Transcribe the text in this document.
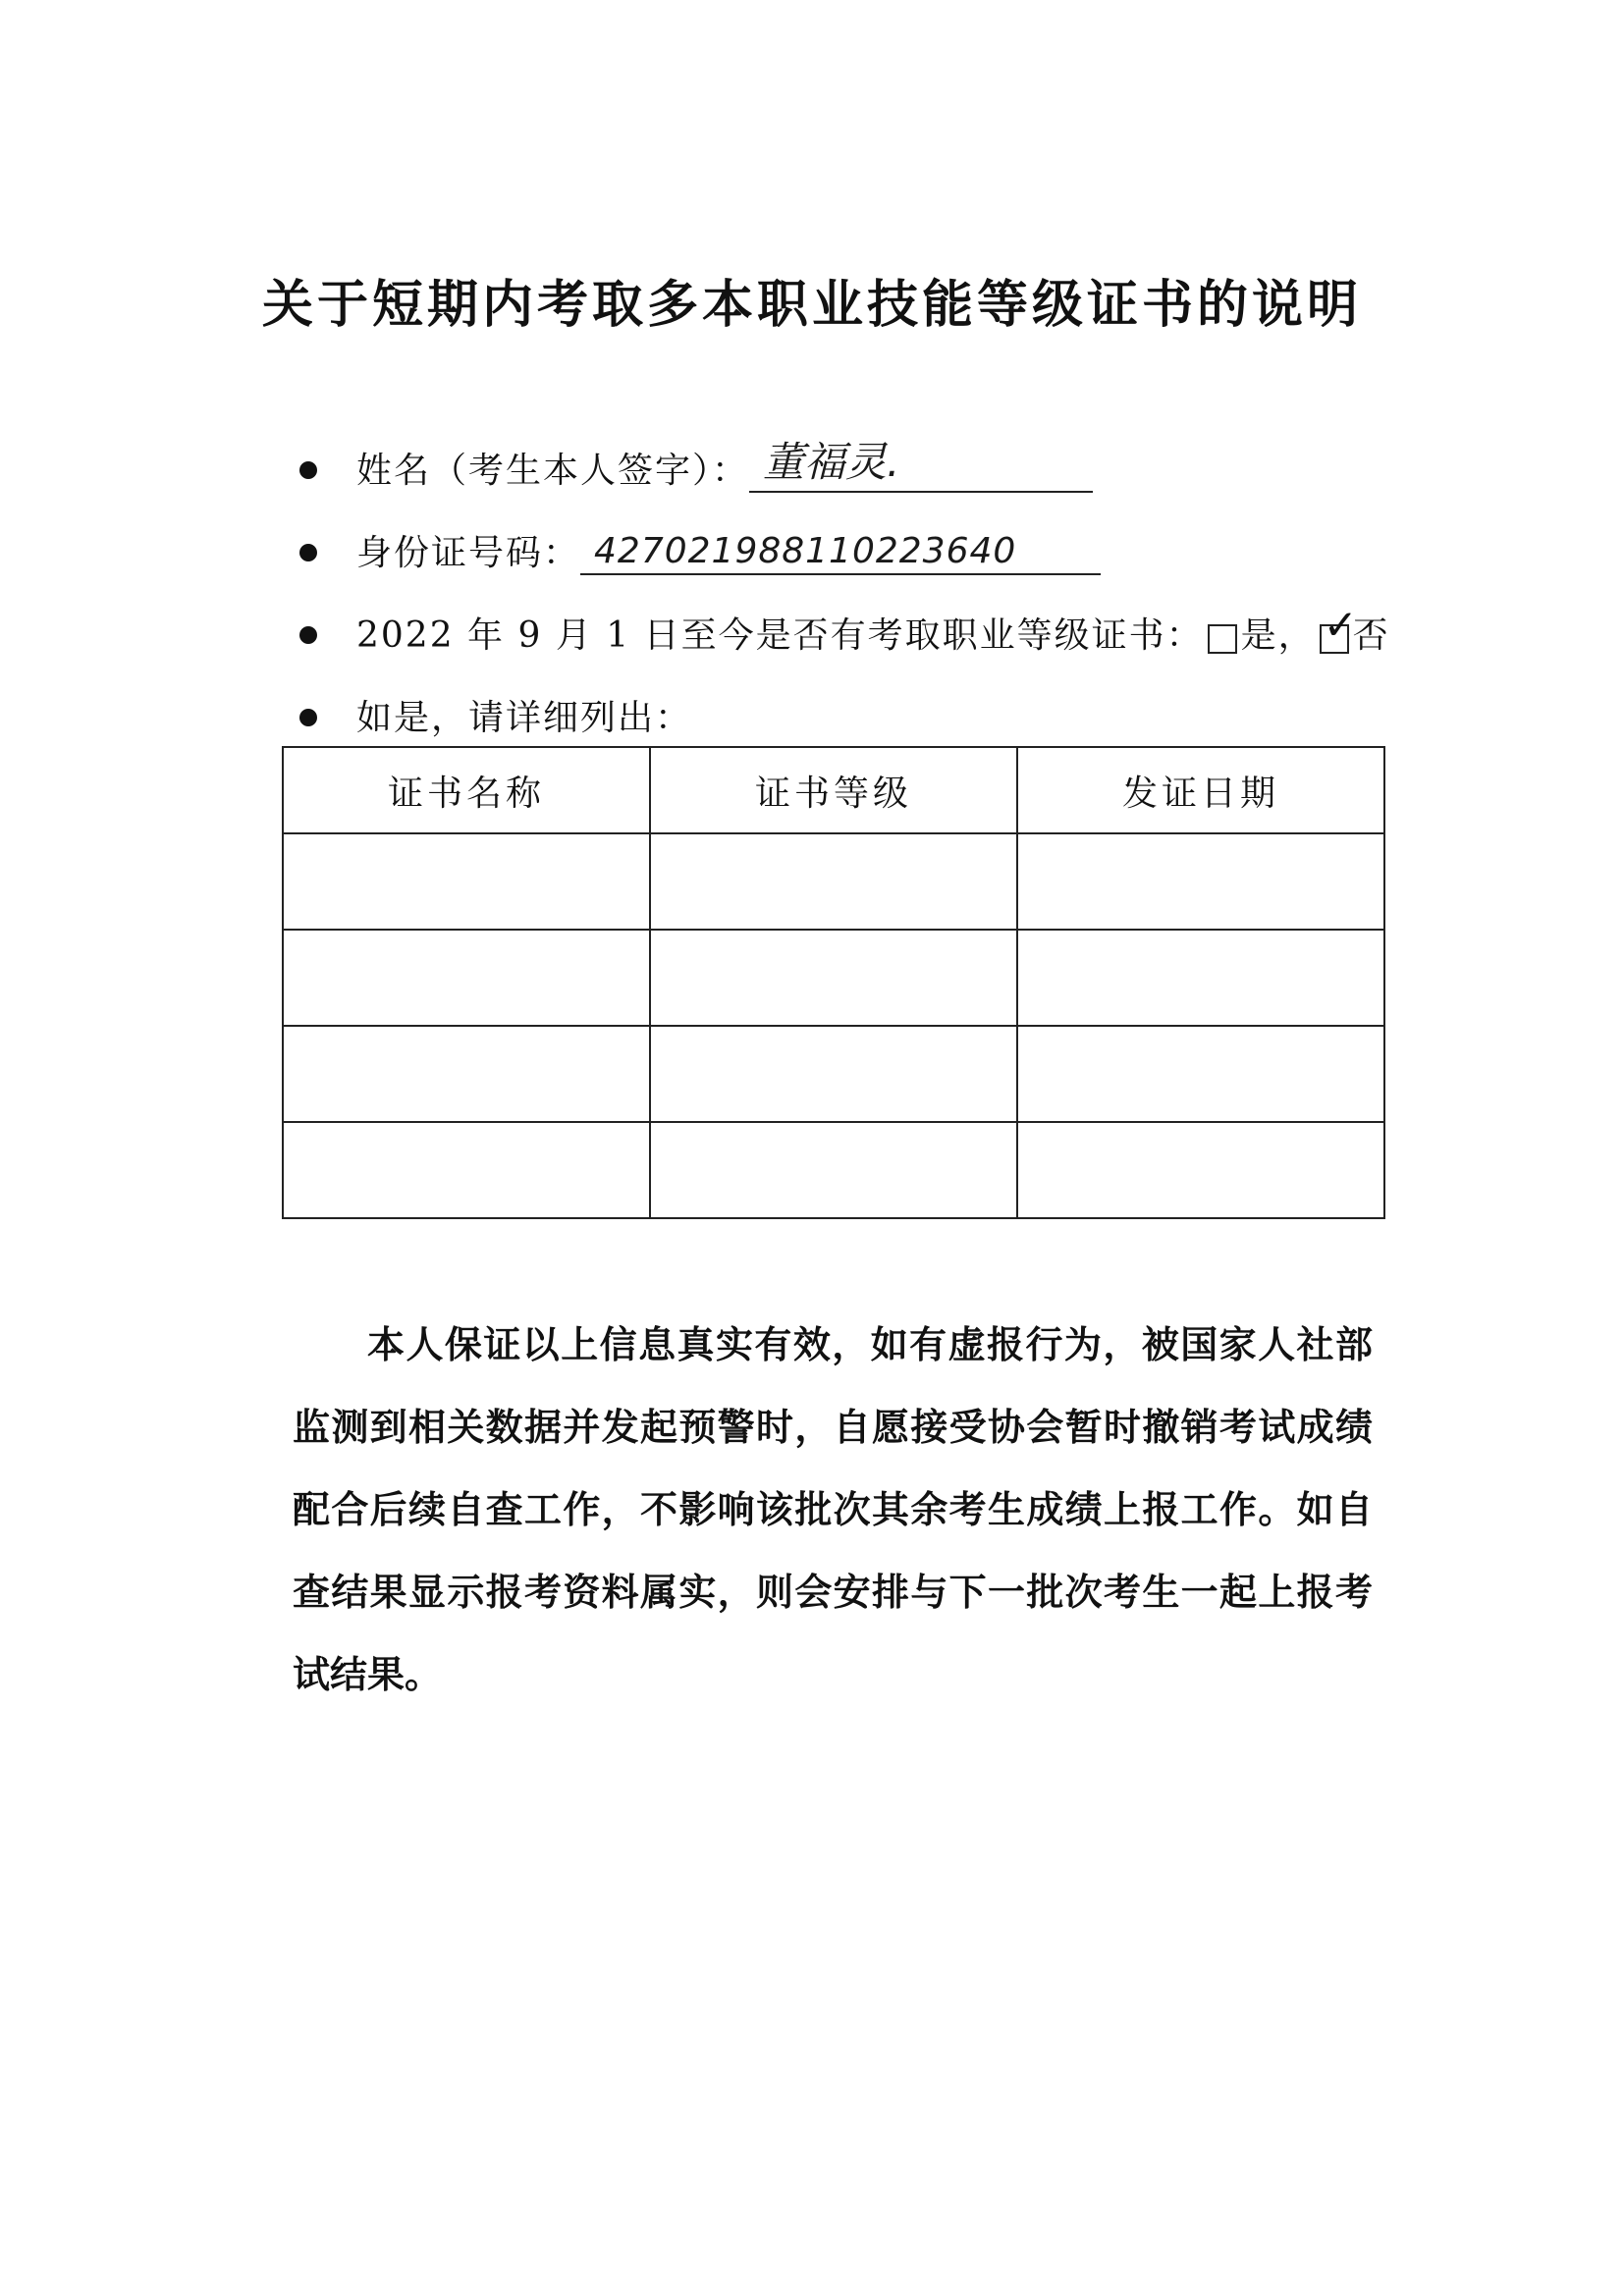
关于短期内考取多本职业技能等级证书的说明
姓名（考生本人签字）： 董福灵.
身份证号码： 427021988110223640
2022 年 9 月 1 日至今是否有考取职业等级证书： 是， ✓
否
如是，请详细列出：
证书名称	证书等级	发证日期

本人保证以上信息真实有效，如有虚报行为，被国家人社部监测到相关数据并发起预警时，自愿接受协会暂时撤销考试成绩配合后续自查工作，不影响该批次其余考生成绩上报工作。如自查结果显示报考资料属实，则会安排与下一批次考生一起上报考试结果。
